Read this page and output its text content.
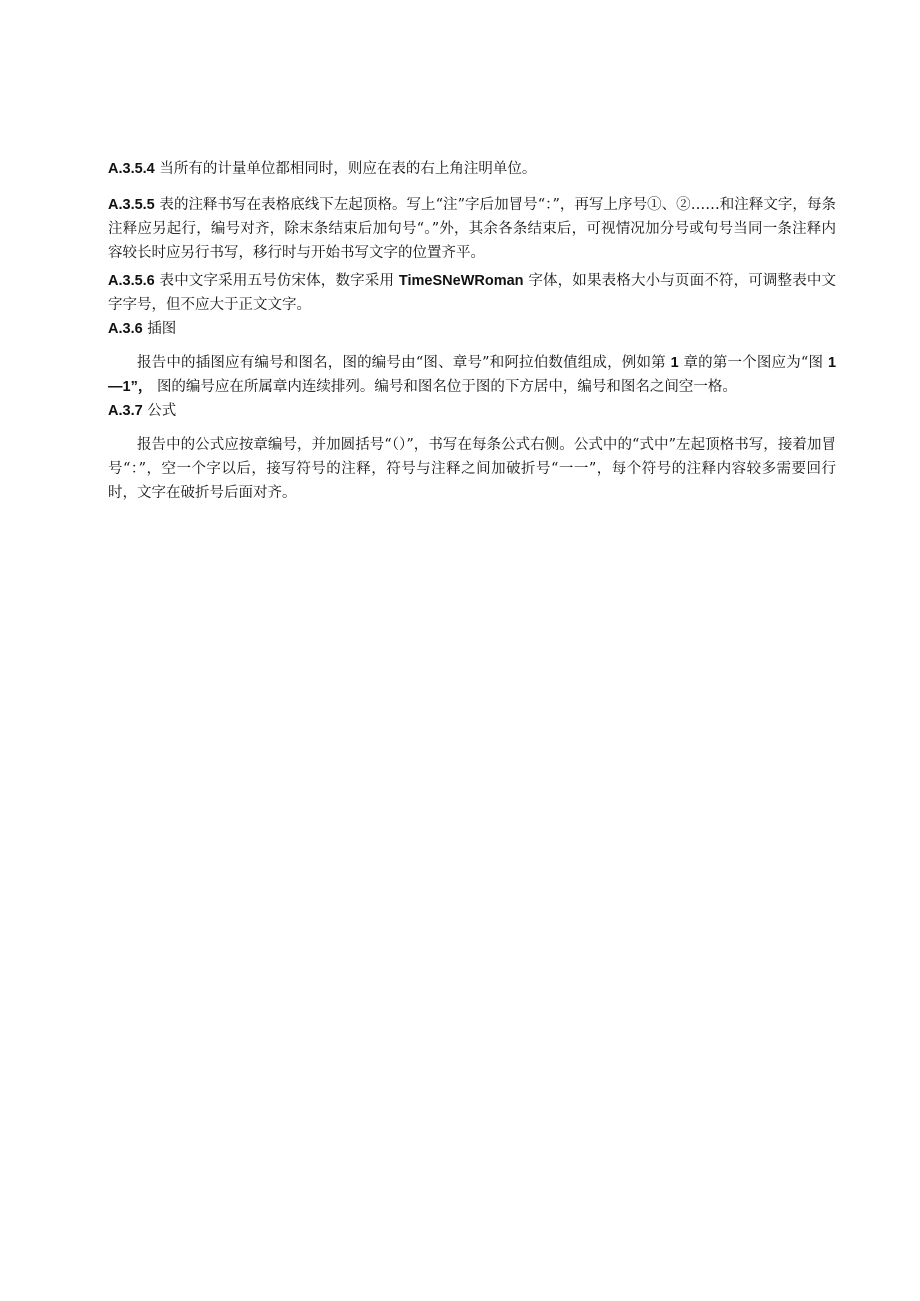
A.3.5.4 当所有的计量单位都相同时，则应在表的右上角注明单位。

A.3.5.5 表的注释书写在表格底线下左起顶格。写上“注”字后加冒号“：”，再写上序号①、②……和注释文字，每条注释应另起行，编号对齐，除末条结束后加句号“。”外，其余各条结束后，可视情况加分号或句号当同一条注释内容较长时应另行书写，移行时与开始书写文字的位置齐平。

A.3.5.6 表中文字采用五号仿宋体，数字采用 TimeSNeWRoman 字体，如果表格大小与页面不符，可调整表中文字字号，但不应大于正文文字。

A.3.6 插图

报告中的插图应有编号和图名，图的编号由“图、章号”和阿拉伯数值组成，例如第 1 章的第一个图应为“图 1—1”， 图的编号应在所属章内连续排列。编号和图名位于图的下方居中，编号和图名之间空一格。

A.3.7 公式

报告中的公式应按章编号，并加圆括号“（）”，书写在每条公式右侧。公式中的“式中”左起顶格书写，接着加冒号“：”，空一个字以后，接写符号的注释，符号与注释之间加破折号“一一”，每个符号的注释内容较多需要回行时，文字在破折号后面对齐。
